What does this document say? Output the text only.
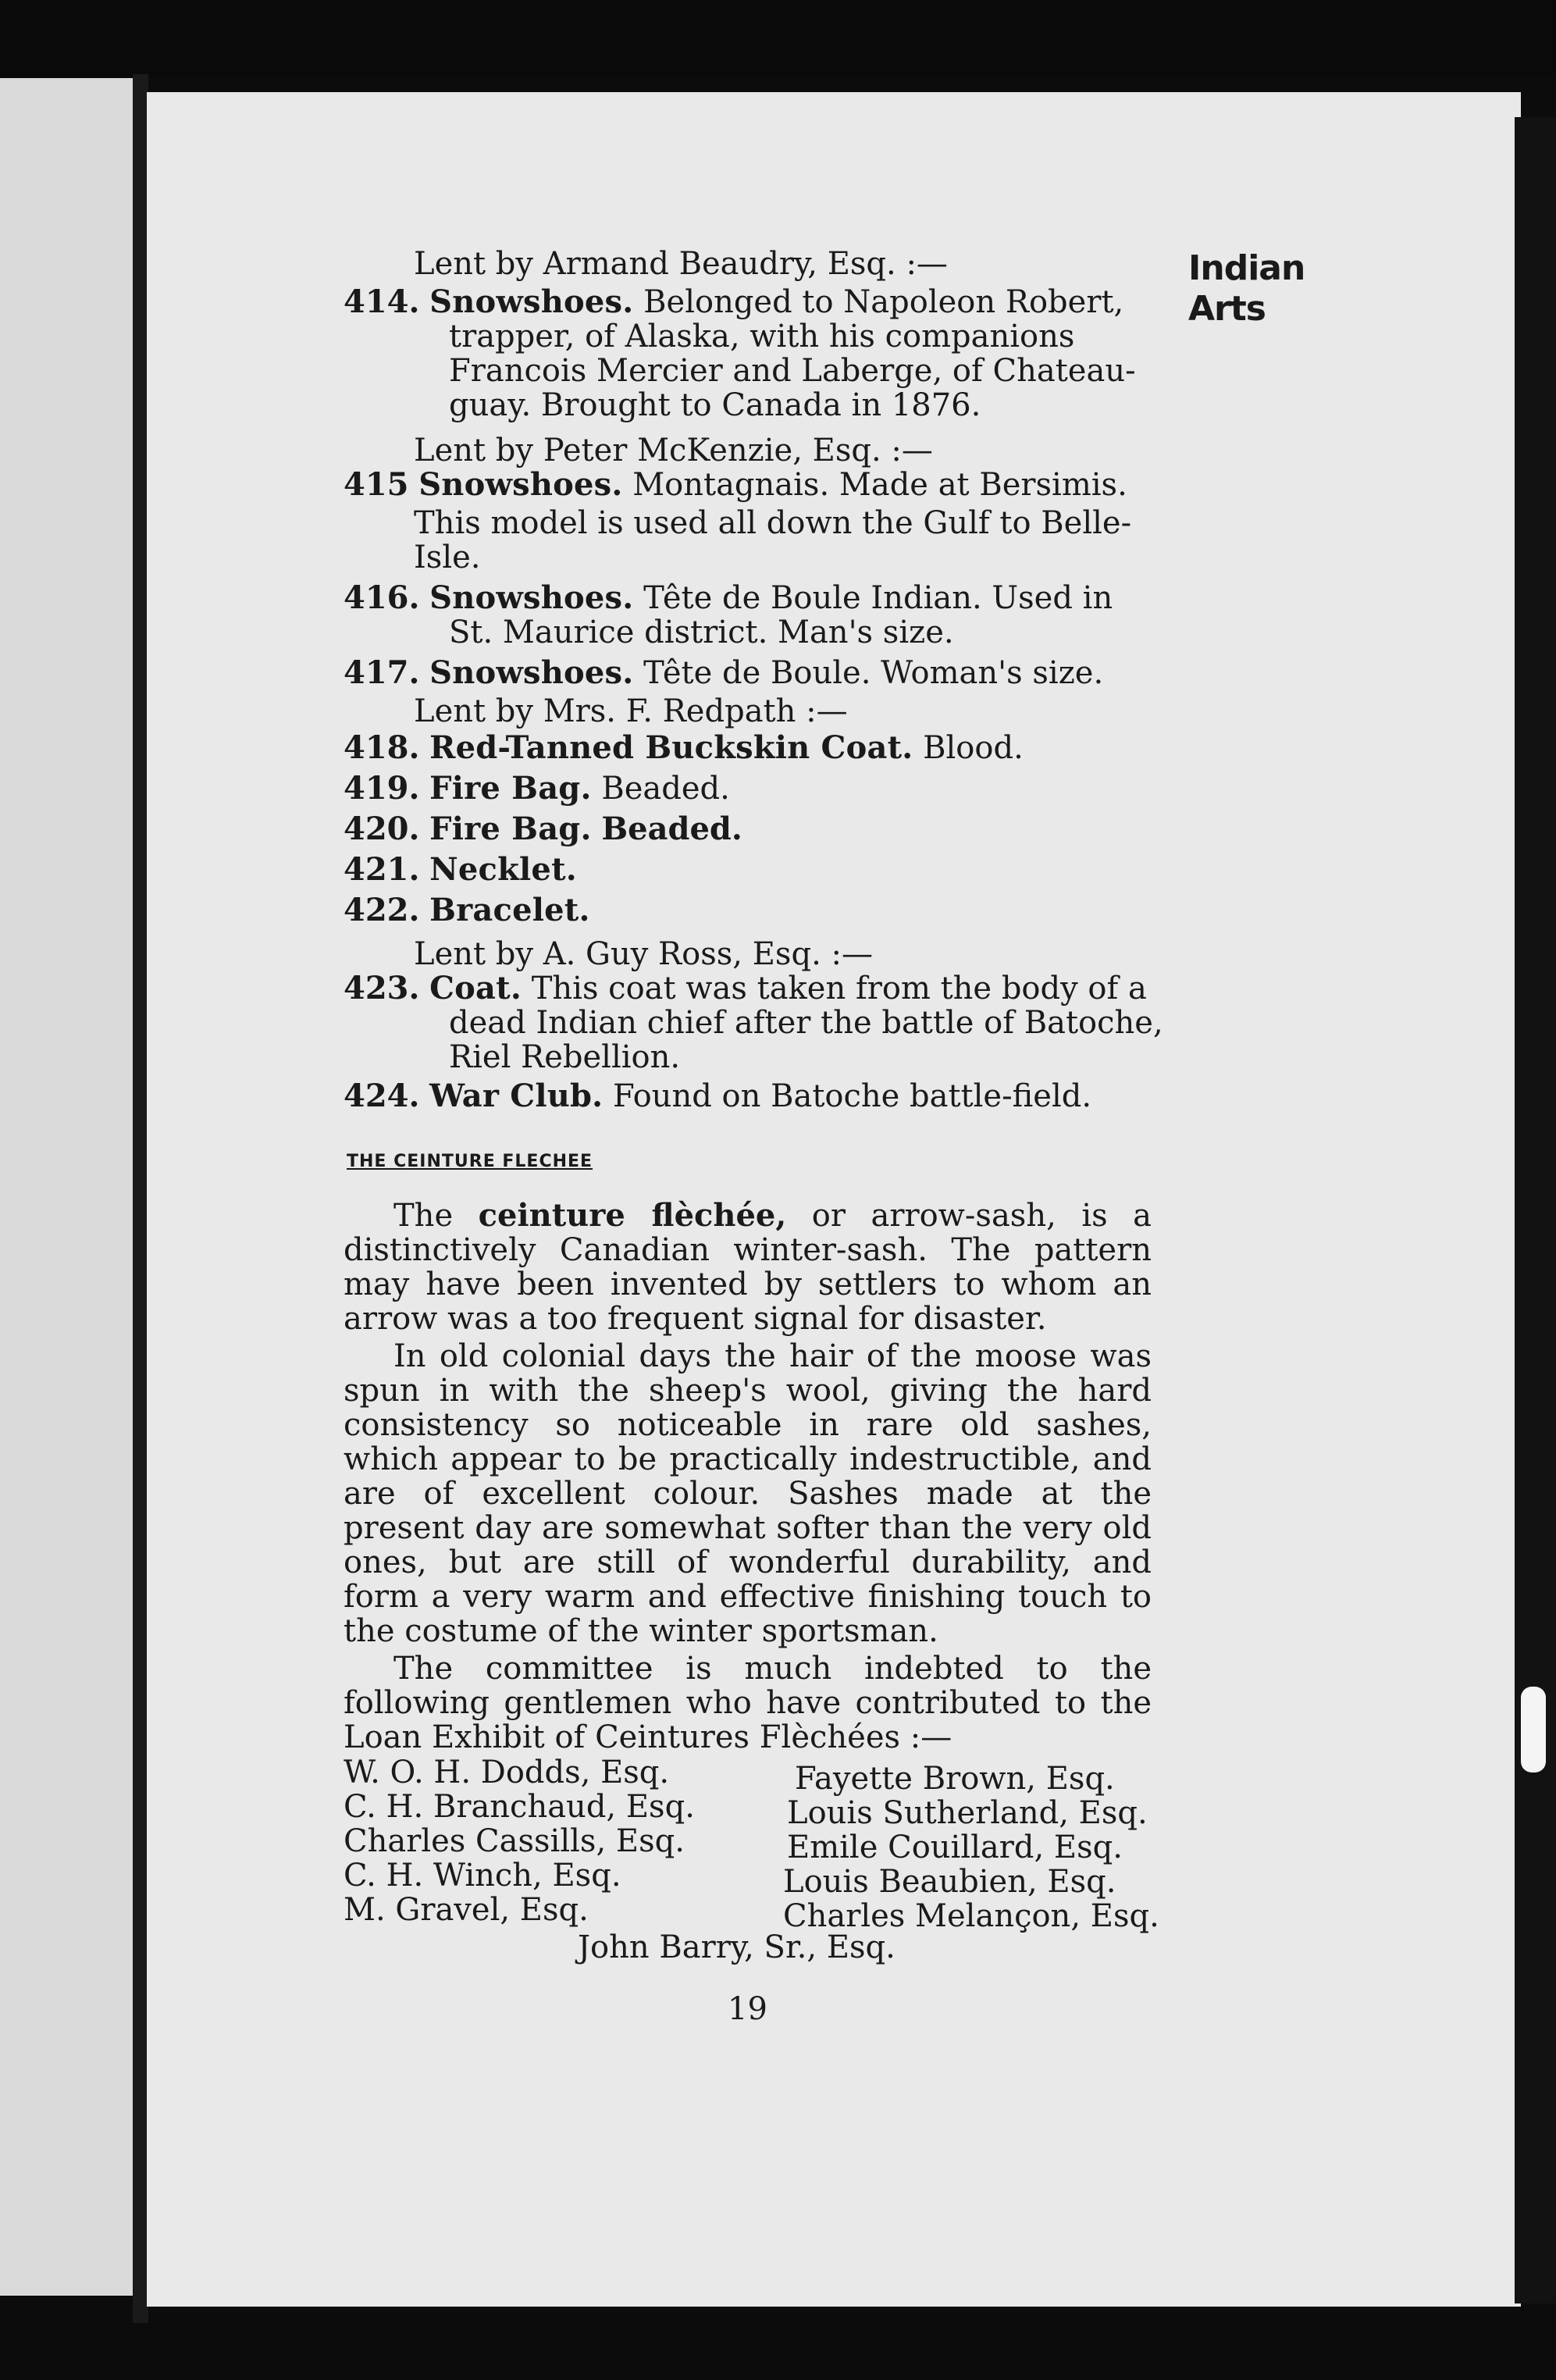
Indian
Arts
Lent by Armand Beaudry, Esq. :—
414. Snowshoes. Belonged to Napoleon Robert,
trapper, of Alaska, with his companions
Francois Mercier and Laberge, of Chateau-
guay. Brought to Canada in 1876.
Lent by Peter McKenzie, Esq. :—
415 Snowshoes. Montagnais. Made at Bersimis.
This model is used all down the Gulf to Belle-
Isle.
416. Snowshoes. Tête de Boule Indian. Used in
St. Maurice district. Man's size.
417. Snowshoes. Tête de Boule. Woman's size.
Lent by Mrs. F. Redpath :—
418. Red-Tanned Buckskin Coat. Blood.
419. Fire Bag. Beaded.
420. Fire Bag. Beaded.
421. Necklet.
422. Bracelet.
Lent by A. Guy Ross, Esq. :—
423. Coat. This coat was taken from the body of a
dead Indian chief after the battle of Batoche,
Riel Rebellion.
424. War Club. Found on Batoche battle-field.
THE CEINTURE FLECHEE
The ceinture flèchée, or arrow-sash, is a distinctively Canadian winter-sash. The pattern may have been invented by settlers to whom an arrow was a too frequent signal for disaster.
In old colonial days the hair of the moose was spun in with the sheep's wool, giving the hard consistency so noticeable in rare old sashes, which appear to be practically indestructible, and are of excellent colour. Sashes made at the present day are somewhat softer than the very old ones, but are still of wonderful durability, and form a very warm and effective finishing touch to the costume of the winter sportsman.
The committee is much indebted to the following gentlemen who have contributed to the Loan Exhibit of Ceintures Flèchées :—
W. O. H. Dodds, Esq.
C. H. Branchaud, Esq.
Charles Cassills, Esq.
C. H. Winch, Esq.
M. Gravel, Esq.
Fayette Brown, Esq.
Louis Sutherland, Esq.
Emile Couillard, Esq.
Louis Beaubien, Esq.
Charles Melançon, Esq.
John Barry, Sr., Esq.
19
